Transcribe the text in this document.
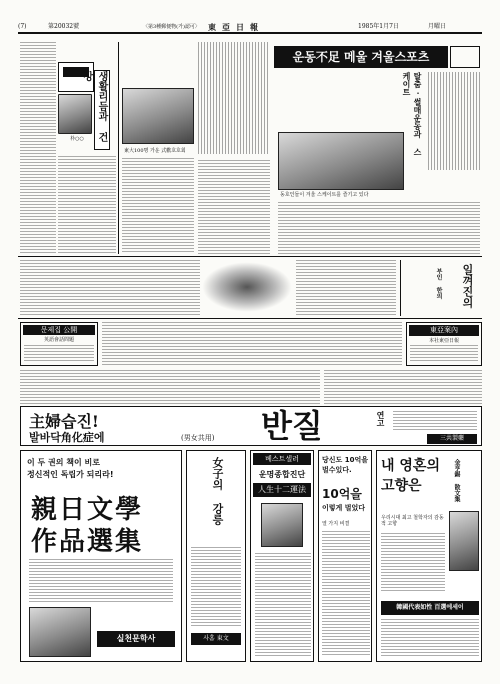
(7)	第20032號	〈第3種郵便物(가)認可〉 東亞日報	1985年1月7日	月曜日
朴○○	생활리듬과 건강
東大100명 가운 式歡호호회
운동不足 메울 겨울스포츠
탈춤·썰매운동과 스케이트
동호인들이 겨울 스케이트를 즐기고 있다
일껴진의
부인 한의
문제집 公開
英語會話問題
東亞案內
本社東亞日報
主婦습진!
발바닥角化症에	(男女共用)	반질	연고
三共製藥
이 두 권의 책이 비로
정신적인 독립가 되리라!
親日文學
作品選集
실천문학사
女子의 강릉
사홈 東文
베스트셀러
운명종합진단
人生十二運法
당신도 10억을 벌수있다.
10억을
이렇게 벌었다
열 가지 비결
내 영혼의
고향은	金亨錫 散文集
우리시대 최고 철학자의 감동적 고향
韓國代表如性 百選에세이
